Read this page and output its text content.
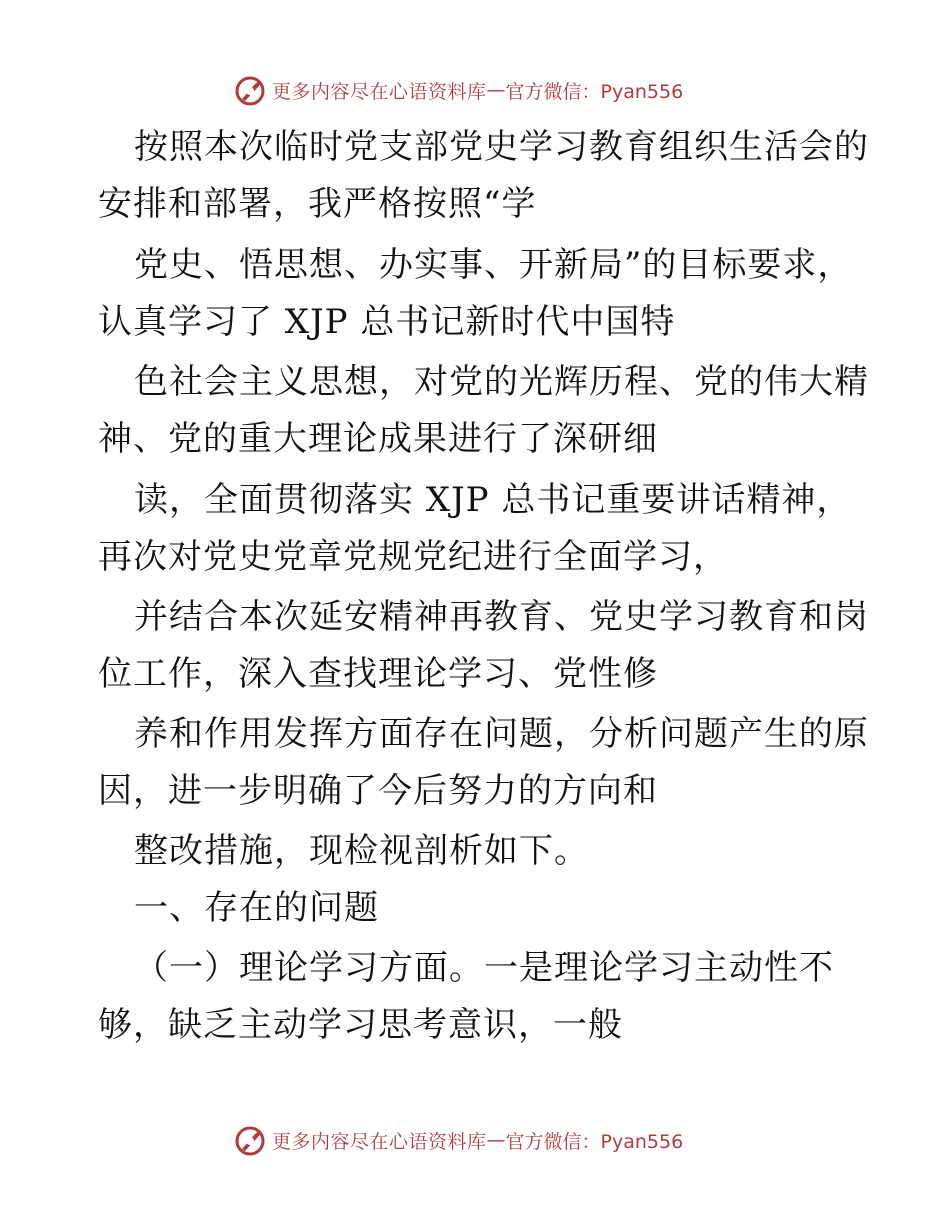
更多内容尽在心语资料库 — 官方微信：Pyan556
按照本次临时党支部党史学习教育组织生活会的
安排和部署，我严格按照“学
党史、悟思想、办实事、开新局”的目标要求，
认真学习了 XJP 总书记新时代中国特
色社会主义思想，对党的光辉历程、党的伟大精
神、党的重大理论成果进行了深研细
读，全面贯彻落实 XJP 总书记重要讲话精神，
再次对党史党章党规党纪进行全面学习，
并结合本次延安精神再教育、党史学习教育和岗
位工作，深入查找理论学习、党性修
养和作用发挥方面存在问题，分析问题产生的原
因，进一步明确了今后努力的方向和
整改措施，现检视剖析如下。
一、存在的问题
（一）理论学习方面。一是理论学习主动性不
够，缺乏主动学习思考意识，一般
更多内容尽在心语资料库 — 官方微信：Pyan556
